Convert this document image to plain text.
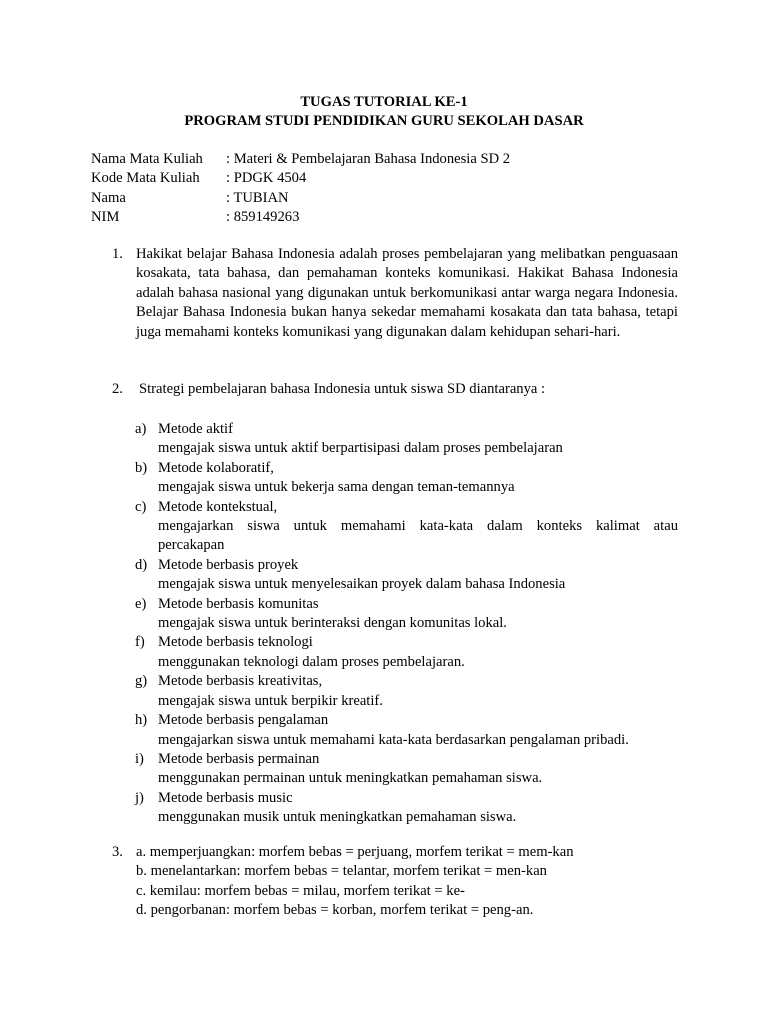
TUGAS TUTORIAL KE-1
PROGRAM STUDI PENDIDIKAN GURU SEKOLAH DASAR
Nama Mata Kuliah : Materi & Pembelajaran Bahasa Indonesia SD 2
Kode Mata Kuliah : PDGK 4504
Nama	: TUBIAN
NIM	: 859149263
1. Hakikat belajar Bahasa Indonesia adalah proses pembelajaran yang melibatkan penguasaan kosakata, tata bahasa, dan pemahaman konteks komunikasi. Hakikat Bahasa Indonesia adalah bahasa nasional yang digunakan untuk berkomunikasi antar warga negara Indonesia. Belajar Bahasa Indonesia bukan hanya sekedar memahami kosakata dan tata bahasa, tetapi juga memahami konteks komunikasi yang digunakan dalam kehidupan sehari-hari.
2. Strategi pembelajaran bahasa Indonesia untuk siswa SD diantaranya :
a) Metode aktif
mengajak siswa untuk aktif berpartisipasi dalam proses pembelajaran
b) Metode kolaboratif,
mengajak siswa untuk bekerja sama dengan teman-temannya
c) Metode kontekstual,
mengajarkan siswa untuk memahami kata-kata dalam konteks kalimat atau
percakapan
d) Metode berbasis proyek
mengajak siswa untuk menyelesaikan proyek dalam bahasa Indonesia
e) Metode berbasis komunitas
mengajak siswa untuk berinteraksi dengan komunitas lokal.
f) Metode berbasis teknologi
menggunakan teknologi dalam proses pembelajaran.
g) Metode berbasis kreativitas,
mengajak siswa untuk berpikir kreatif.
h) Metode berbasis pengalaman
mengajarkan siswa untuk memahami kata-kata berdasarkan pengalaman pribadi.
i) Metode berbasis permainan
menggunakan permainan untuk meningkatkan pemahaman siswa.
j) Metode berbasis music
menggunakan musik untuk meningkatkan pemahaman siswa.
3. a. memperjuangkan: morfem bebas = perjuang, morfem terikat = mem-kan
b. menelantarkan: morfem bebas = telantar, morfem terikat = men-kan
c. kemilau: morfem bebas = milau, morfem terikat = ke-
d. pengorbanan: morfem bebas = korban, morfem terikat = peng-an.
